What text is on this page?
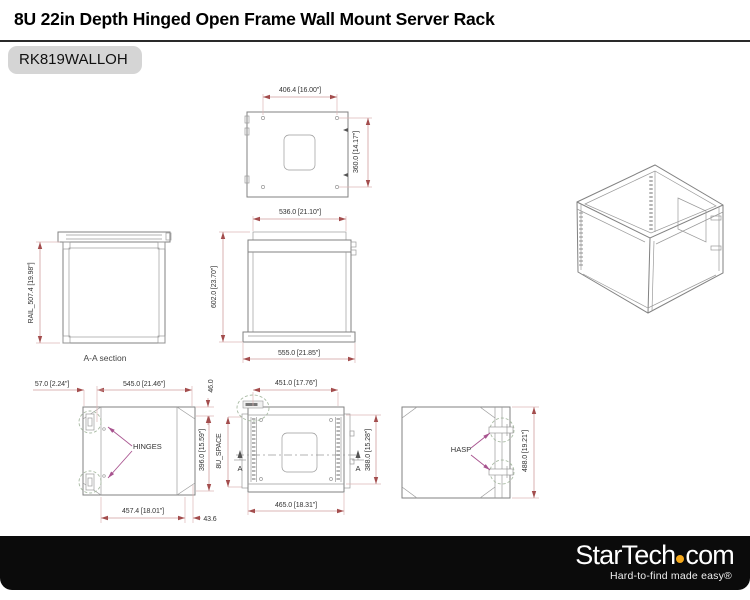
8U 22in Depth Hinged Open Frame Wall Mount Server Rack
RK819WALLOH
406.4 [16.00"]
360.0 [14.17"]
A-A section
RAIL_507.4 [19.98"]
536.0 [21.10"]
602.0 [23.70"]
555.0 [21.85"]
HINGES
57.0 [2.24"]	545.0 [21.46"]	46.0
396.0 [15.59"] 8U_SPACE
457.4 [18.01"]
43.6
A	A
451.0 [17.76"]
465.0 [18.31"]
388.0 [15.28"]	HASP	488.0 [19.21"]
StarTech com
Hard-to-find made easy®
